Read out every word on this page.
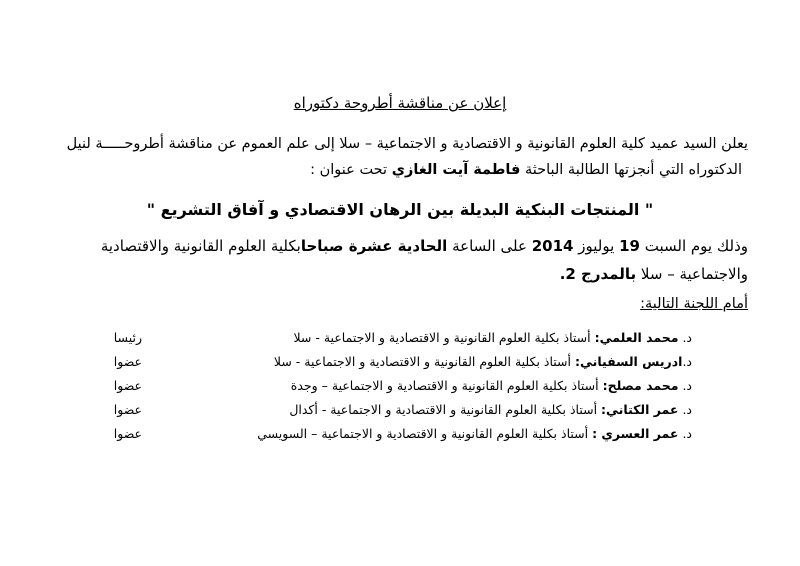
إعلان عن مناقشة أطروحة دكتوراه
يعلن السيد عميد كلية العلوم القانونية و الاقتصادية و الاجتماعية – سلا إلى علم العموم عن مناقشة أطروحـــــة لنيل
الدكتوراه التي أنجزتها الطالبة الباحثة فاطمة آيت الغازي تحت عنوان :
" المنتجات البنكية البديلة بين الرهان الاقتصادي و آفاق التشريع "
وذلك يوم السبت 19 يوليوز 2014 على الساعة الحادية عشرة صباحابكلية العلوم القانونية والاقتصادية
والاجتماعية – سلا بالمدرج 2.
أمام اللجنة التالية:
د. محمد العلمي: أستاذ بكلية العلوم القانونية و الاقتصادية و الاجتماعية - سلا
رئيسا
د.ادريس السفياني: أستاذ بكلية العلوم القانونية و الاقتصادية و الاجتماعية - سلا
عضوا
د. محمد مصلح: أستاذ بكلية العلوم القانونية و الاقتصادية و الاجتماعية – وجدة
عضوا
د. عمر الكتاني: أستاذ بكلية العلوم القانونية و الاقتصادية و الاجتماعية - أكدال
عضوا
د. عمر العسري : أستاذ بكلية العلوم القانونية و الاقتصادية و الاجتماعية – السويسي
عضوا
